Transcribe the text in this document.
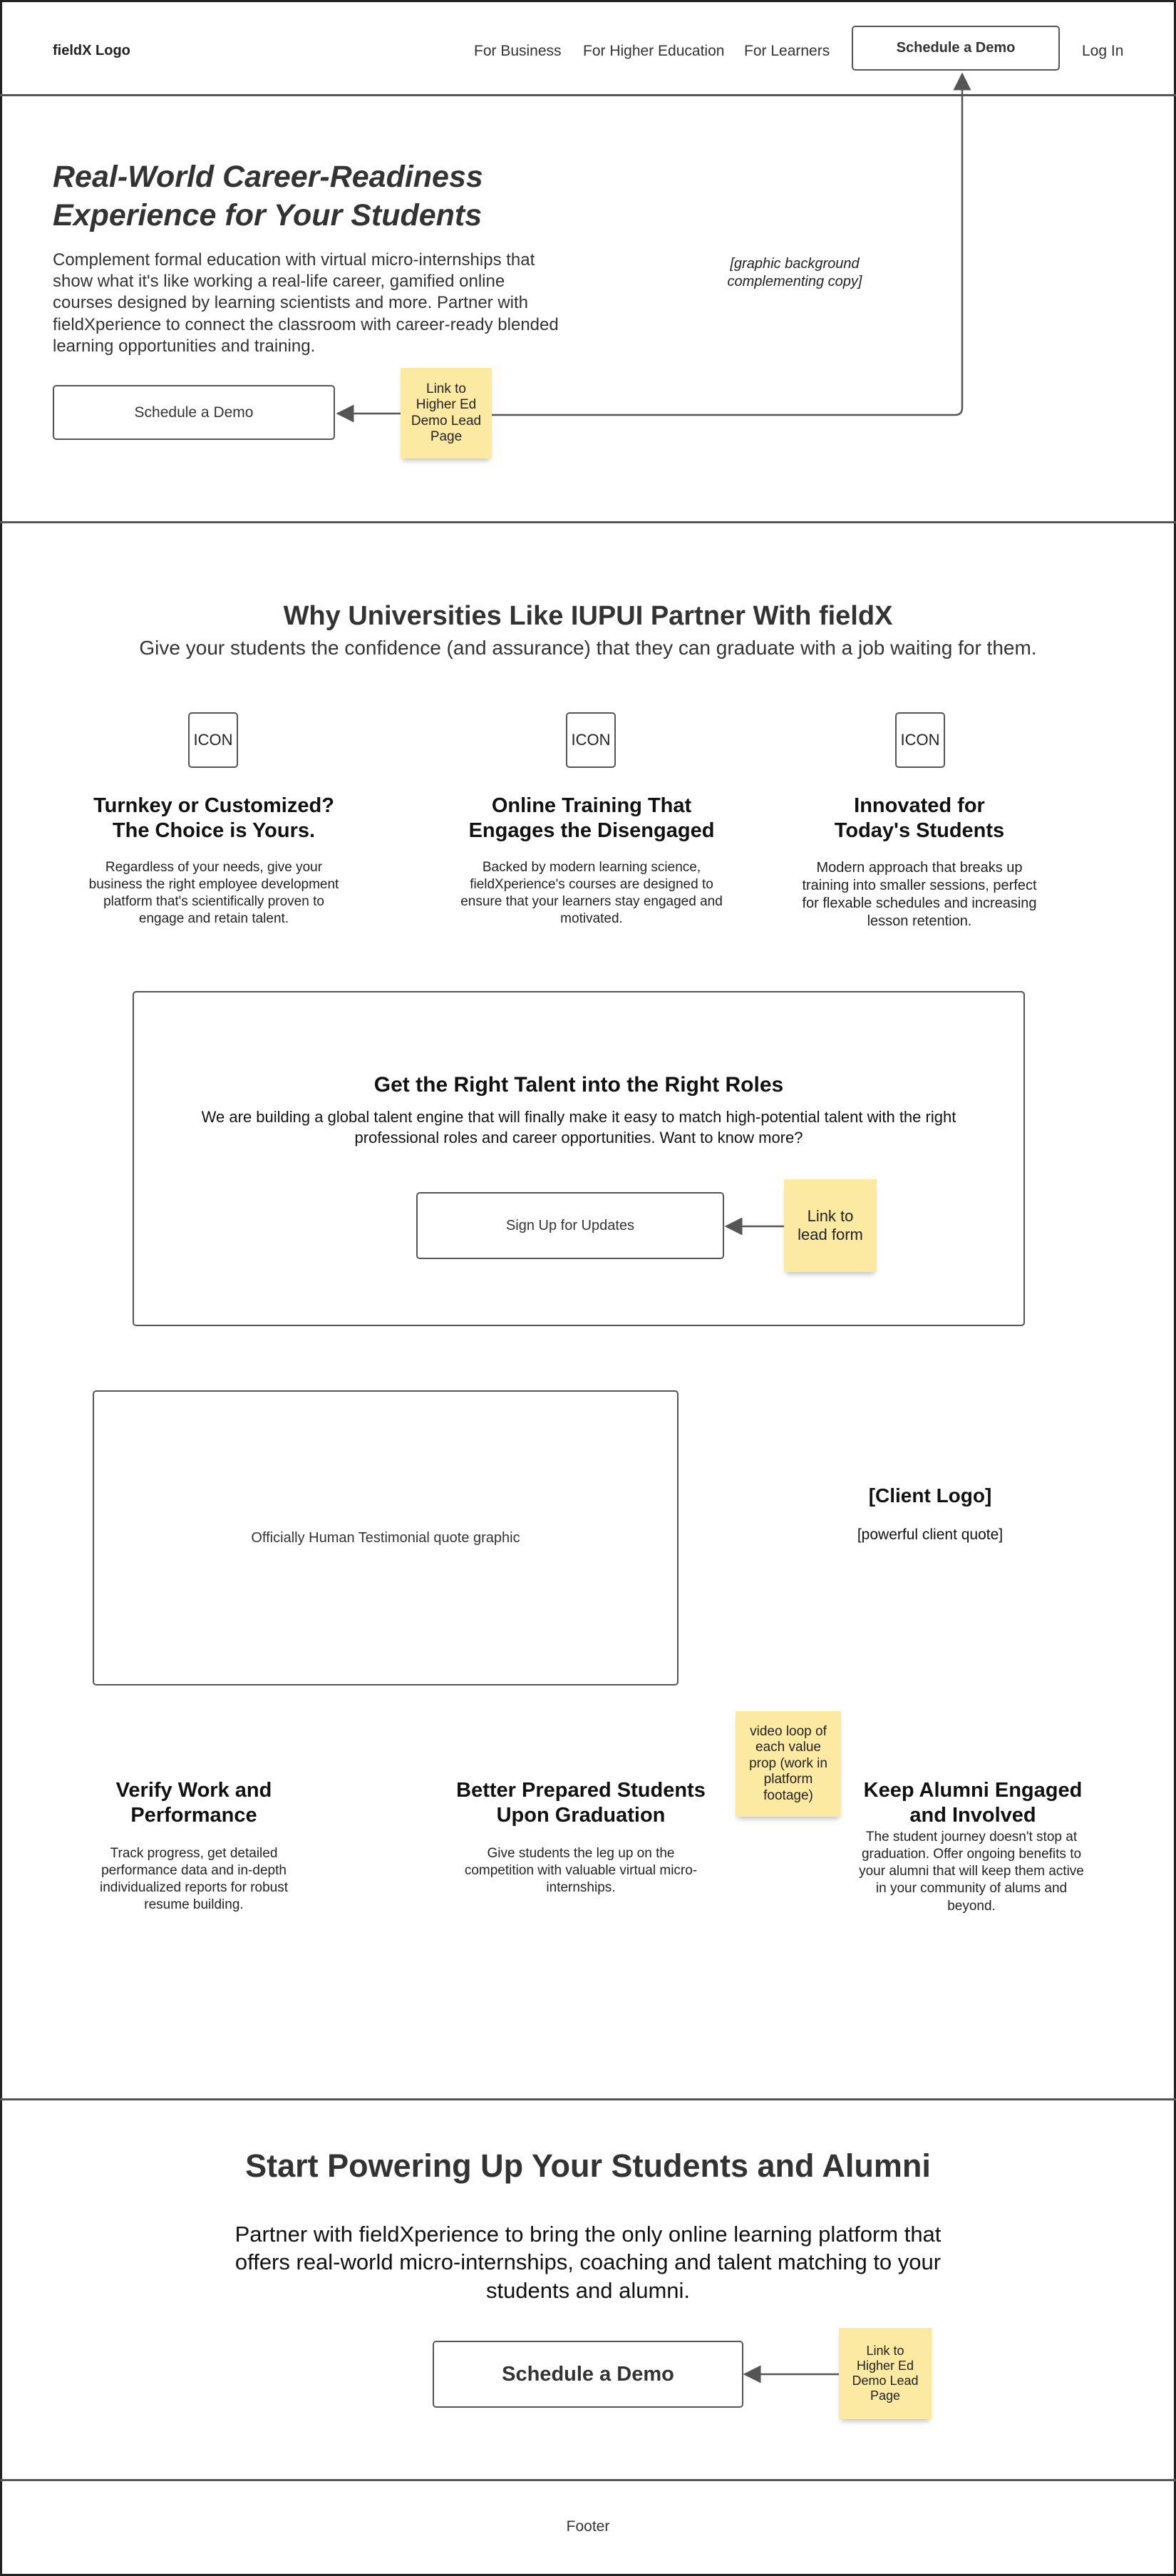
fieldX Logo	For Business For Higher Education For Learners	Schedule a Demo	Log In
Real-World Career-Readiness
Experience for Your Students
Complement formal education with virtual micro-internships that show what it's like working a real-life career, gamified online courses designed by learning scientists and more. Partner with fieldXperience to connect the classroom with career-ready blended learning opportunities and training.
Schedule a Demo
Link to Higher Ed Demo Lead Page
[graphic background
complementing copy]
Why Universities Like IUPUI Partner With fieldX
Give your students the confidence (and assurance) that they can graduate with a job waiting for them.
ICON	ICON	ICON
Turnkey or Customized?
The Choice is Yours.
Online Training That
Engages the Disengaged
Innovated for
Today's Students
Regardless of your needs, give your business the right employee development platform that's scientifically proven to engage and retain talent.
Backed by modern learning science, fieldXperience's courses are designed to ensure that your learners stay engaged and motivated.
Modern approach that breaks up training into smaller sessions, perfect for flexable schedules and increasing lesson retention.
Get the Right Talent into the Right Roles
We are building a global talent engine that will finally make it easy to match high-potential talent with the right professional roles and career opportunities. Want to know more?
Sign Up for Updates
Link to lead form
Officially Human Testimonial quote graphic
[Client Logo]
[powerful client quote]
video loop of each value prop (work in platform footage)
Verify Work and
Performance
Better Prepared Students
Upon Graduation
Keep Alumni Engaged
and Involved
Track progress, get detailed performance data and in-depth individualized reports for robust resume building.
Give students the leg up on the competition with valuable virtual micro-internships.
The student journey doesn't stop at graduation. Offer ongoing benefits to your alumni that will keep them active in your community of alums and beyond.
Start Powering Up Your Students and Alumni
Partner with fieldXperience to bring the only online learning platform that offers real-world micro-internships, coaching and talent matching to your students and alumni.
Schedule a Demo
Link to Higher Ed Demo Lead Page
Footer
